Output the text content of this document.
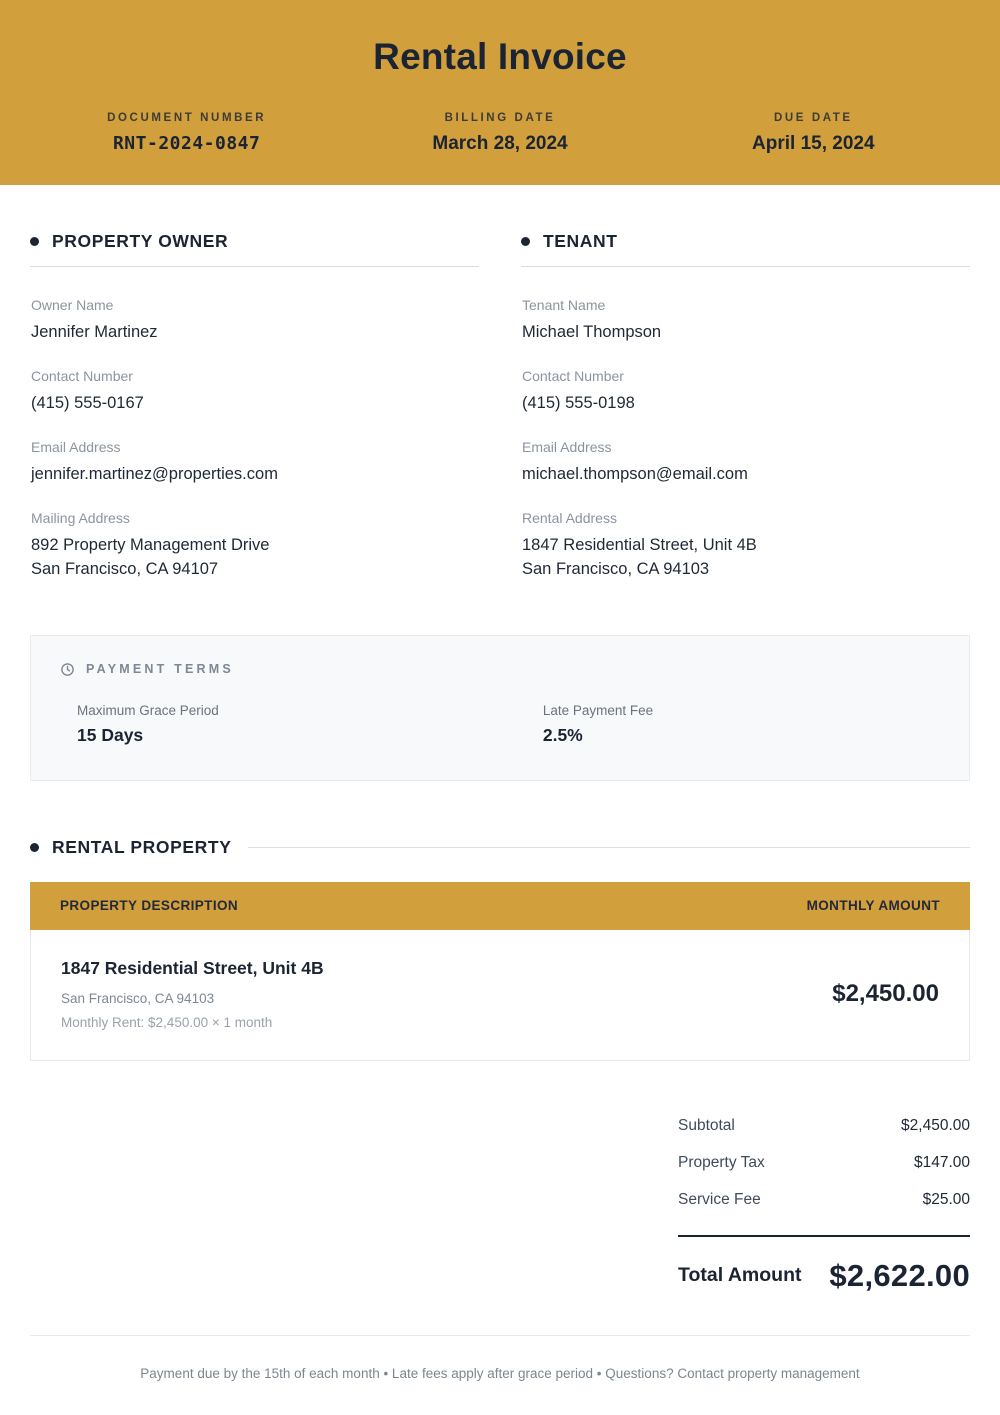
Rental Invoice
DOCUMENT NUMBER
RNT-2024-0847
BILLING DATE
March 28, 2024
DUE DATE
April 15, 2024
PROPERTY OWNER
Owner Name
Jennifer Martinez
Contact Number
(415) 555-0167
Email Address
jennifer.martinez@properties.com
Mailing Address
892 Property Management Drive
San Francisco, CA 94107
TENANT
Tenant Name
Michael Thompson
Contact Number
(415) 555-0198
Email Address
michael.thompson@email.com
Rental Address
1847 Residential Street, Unit 4B
San Francisco, CA 94103
PAYMENT TERMS
Maximum Grace Period
15 Days
Late Payment Fee
2.5%
RENTAL PROPERTY
PROPERTY DESCRIPTION	MONTHLY AMOUNT
1847 Residential Street, Unit 4B
San Francisco, CA 94103
Monthly Rent: $2,450.00 × 1 month
$2,450.00
Subtotal	$2,450.00
Property Tax	$147.00
Service Fee	$25.00
Total Amount $2,622.00
Payment due by the 15th of each month • Late fees apply after grace period • Questions? Contact property management
